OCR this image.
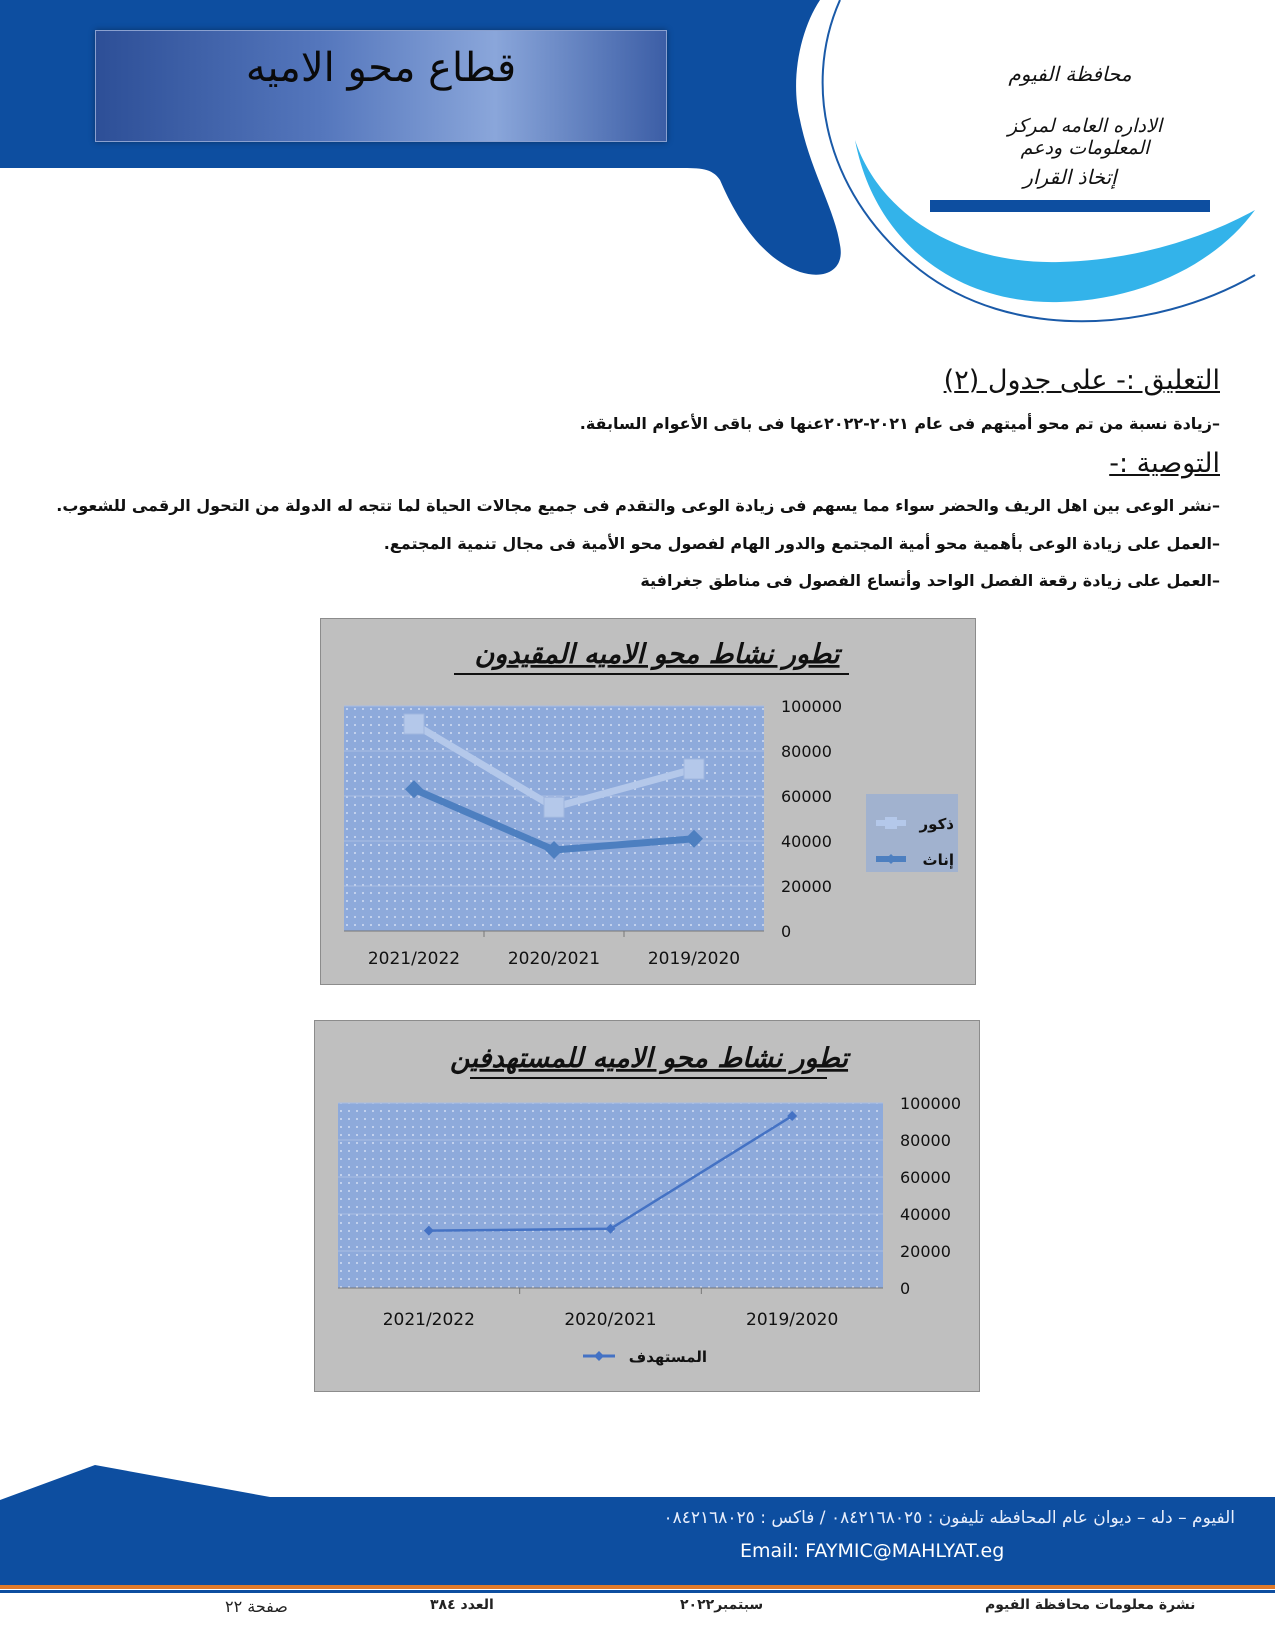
قطاع محو الاميه	محافظة الفيوم
الاداره العامه لمركز المعلومات ودعم
إتخاذ القرار
التعليق :- على جدول (٢)
–زيادة نسبة من تم محو أميتهم فى عام ٢٠٢١-٢٠٢٢عنها فى باقى الأعوام السابقة.
التوصية :-
–نشر الوعى بين اهل الريف والحضر سواء مما يسهم فى زيادة الوعى والتقدم فى جميع مجالات الحياة لما تتجه له الدولة من التحول الرقمى للشعوب.
–العمل على زيادة الوعى بأهمية محو أمية المجتمع والدور الهام لفصول محو الأمية فى مجال تنمية المجتمع.
–العمل على زيادة رقعة الفصل الواحد وأتساع الفصول فى مناطق جغرافية
تطور نشاط محو الاميه المقيدون
100000
80000
60000
40000
20000
0
2021/2022	2020/2021	2019/2020
ذكور
إناث
تطور نشاط محو الاميه للمستهدفين
100000
80000
60000
40000
20000
0
2021/2022	2020/2021	2019/2020
المستهدف
الفيوم – دله – ديوان عام المحافظه تليفون : ٠٨٤٢١٦٨٠٢٥ / فاكس : ٠٨٤٢١٦٨٠٢٥
Email: FAYMIC@MAHLYAT.eg
نشرة معلومات محافظة الفيوم
سبتمبر٢٠٢٢
العدد ٣٨٤
صفحة ٢٢
